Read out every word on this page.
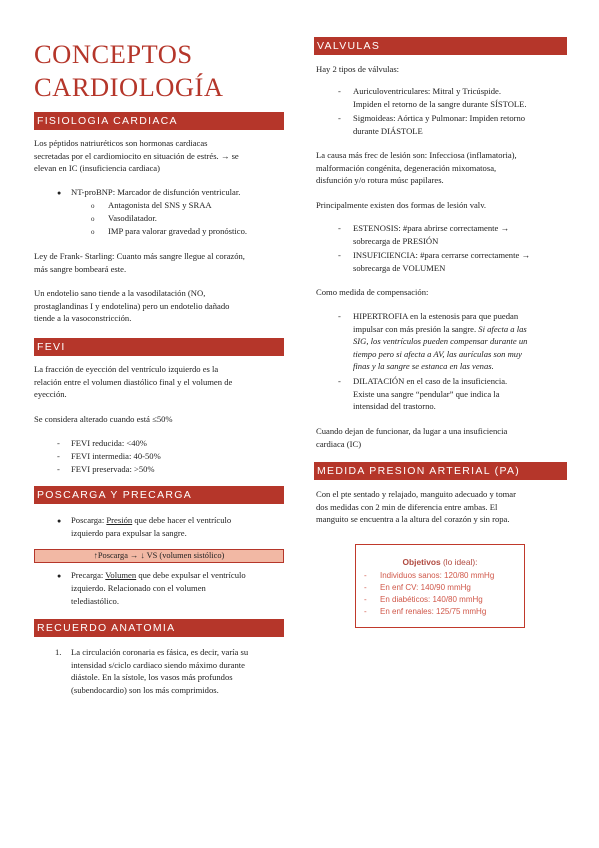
CONCEPTOS
CARDIOLOGÍA
FISIOLOGIA CARDIACA
Los péptidos natriuréticos son hormonas cardiacas
secretadas por el cardiomiocito en situación de estrés. → se
elevan en IC (insuficiencia cardiaca)
● NT-proBNP: Marcador de disfunción ventricular.
o Antagonista del SNS y SRAA
o Vasodilatador.
o IMP para valorar gravedad y pronóstico.
Ley de Frank- Starling: Cuanto más sangre llegue al corazón,
más sangre bombeará este.
Un endotelio sano tiende a la vasodilatación (NO,
prostaglandinas I y endotelina) pero un endotelio dañado
tiende a la vasoconstricción.
FEVI
La fracción de eyección del ventrículo izquierdo es la
relación entre el volumen diastólico final y el volumen de
eyección.
Se considera alterado cuando está ≤50%
- FEVI reducida: <40%
- FEVI intermedia: 40-50%
- FEVI preservada: >50%
POSCARGA Y PRECARGA
● Poscarga: Presión que debe hacer el ventrículo
izquierdo para expulsar la sangre.
↑Poscarga → ↓ VS (volumen sistólico)
● Precarga: Volumen que debe expulsar el ventrículo
izquierdo. Relacionado con el volumen
telediastólico.
RECUERDO ANATOMIA
1. La circulación coronaria es fásica, es decir, varía su
intensidad s/ciclo cardiaco siendo máximo durante
diástole. En la sístole, los vasos más profundos
(subendocardio) son los más comprimidos.
VALVULAS
Hay 2 tipos de válvulas:
- Auriculoventriculares: Mitral y Tricúspide.
Impiden el retorno de la sangre durante SÍSTOLE.
- Sigmoideas: Aórtica y Pulmonar: Impiden retorno
durante DIÁSTOLE
La causa más frec de lesión son: Infecciosa (inflamatoria),
malformación congénita, degeneración mixomatosa,
disfunción y/o rotura músc papilares.
Principalmente existen dos formas de lesión valv.
- ESTENOSIS: #para abrirse correctamente →
sobrecarga de PRESIÓN
- INSUFICIENCIA: #para cerrarse correctamente →
sobrecarga de VOLUMEN
Como medida de compensación:
- HIPERTROFIA en la estenosis para que puedan
impulsar con más presión la sangre. Si afecta a las
SIG, los ventrículos pueden compensar durante un
tiempo pero si afecta a AV, las aurículas son muy
finas y la sangre se estanca en las venas.
- DILATACIÓN en el caso de la insuficiencia.
Existe una sangre “pendular” que indica la
intensidad del trastorno.
Cuando dejan de funcionar, da lugar a una insuficiencia
cardiaca (IC)
MEDIDA PRESION ARTERIAL (PA)
Con el pte sentado y relajado, manguito adecuado y tomar
dos medidas con 2 min de diferencia entre ambas. El
manguito se encuentra a la altura del corazón y sin ropa.
Objetivos (lo ideal):
- Individuos sanos: 120/80 mmHg
- En enf CV: 140/90 mmHg
- En diabéticos: 140/80 mmHg
- En enf renales: 125/75 mmHg
